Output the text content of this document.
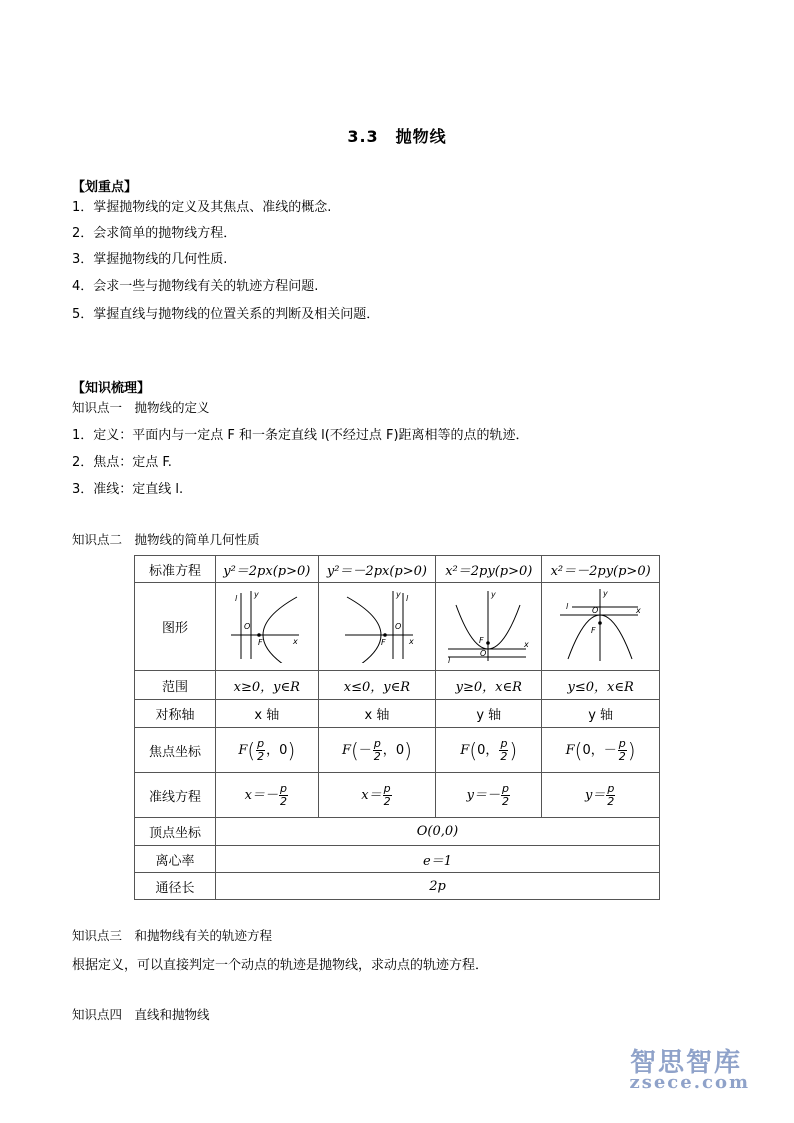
3.3　抛物线
【划重点】
1．掌握抛物线的定义及其焦点、准线的概念.
2．会求简单的抛物线方程．
3．掌握抛物线的几何性质.
4．会求一些与抛物线有关的轨迹方程问题.
5．掌握直线与抛物线的位置关系的判断及相关问题．
【知识梳理】
知识点一　抛物线的定义
1．定义：平面内与一定点 F 和一条定直线 l(不经过点 F)距离相等的点的轨迹．
2．焦点：定点 F.
3．准线：定直线 l.
知识点二　抛物线的简单几何性质
标准方程	y²＝2px(p>0)	y²＝－2px(p>0)	x²＝2py(p>0)	x²＝－2py(p>0)
图形	l y
O
F x	l
y
O
F x	y
F
O
x
l	y
l O x
F

范围	x≥0，y∈R	x≤0，y∈R	y≥0，x∈R	y≤0，x∈R
对称轴	x 轴	x 轴	y 轴	y 轴
焦点坐标	$F( \frac{p}{2}$ ，0)	$F(- \frac{p}{2}$ ，0)	F(0， $\frac{p}{2}$ )	F(0，－ $\frac{p}{2}$ )
准线方程	$x=- \frac{p}{2}$	$x= \frac{p}{2}$	$y=- \frac{p}{2}$	$y= \frac{p}{2}$

顶点坐标	O(0,0)			
离心率	e＝1			
通径长	2p			
知识点三　和抛物线有关的轨迹方程
根据定义，可以直接判定一个动点的轨迹是抛物线，求动点的轨迹方程．
知识点四　直线和抛物线
智思智库
zsece.com
